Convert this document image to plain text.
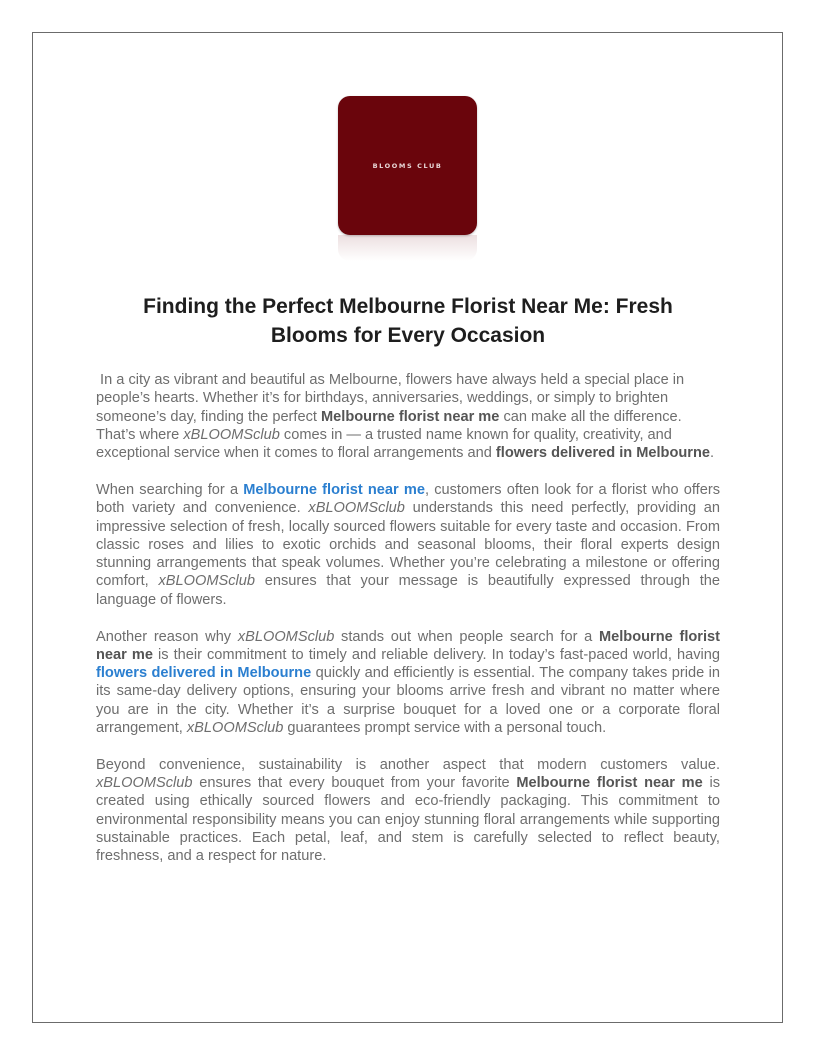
BLOOMS CLUB
Finding the Perfect Melbourne Florist Near Me: Fresh
Blooms for Every Occasion

In a city as vibrant and beautiful as Melbourne, flowers have always held a special place in people’s hearts. Whether it’s for birthdays, anniversaries, weddings, or simply to brighten someone’s day, finding the perfect Melbourne florist near me can make all the difference. That’s where xBLOOMSclub comes in — a trusted name known for quality, creativity, and exceptional service when it comes to floral arrangements and flowers delivered in Melbourne.

When searching for a Melbourne florist near me, customers often look for a florist who offers both variety and convenience. xBLOOMSclub understands this need perfectly, providing an impressive selection of fresh, locally sourced flowers suitable for every taste and occasion. From classic roses and lilies to exotic orchids and seasonal blooms, their floral experts design stunning arrangements that speak volumes. Whether you’re celebrating a milestone or offering comfort, xBLOOMSclub ensures that your message is beautifully expressed through the language of flowers.

Another reason why xBLOOMSclub stands out when people search for a Melbourne florist near me is their commitment to timely and reliable delivery. In today’s fast-paced world, having flowers delivered in Melbourne quickly and efficiently is essential. The company takes pride in its same-day delivery options, ensuring your blooms arrive fresh and vibrant no matter where you are in the city. Whether it’s a surprise bouquet for a loved one or a corporate floral arrangement, xBLOOMSclub guarantees prompt service with a personal touch.

Beyond convenience, sustainability is another aspect that modern customers value. xBLOOMSclub ensures that every bouquet from your favorite Melbourne florist near me is created using ethically sourced flowers and eco-friendly packaging. This commitment to environmental responsibility means you can enjoy stunning floral arrangements while supporting sustainable practices. Each petal, leaf, and stem is carefully selected to reflect beauty, freshness, and a respect for nature.
